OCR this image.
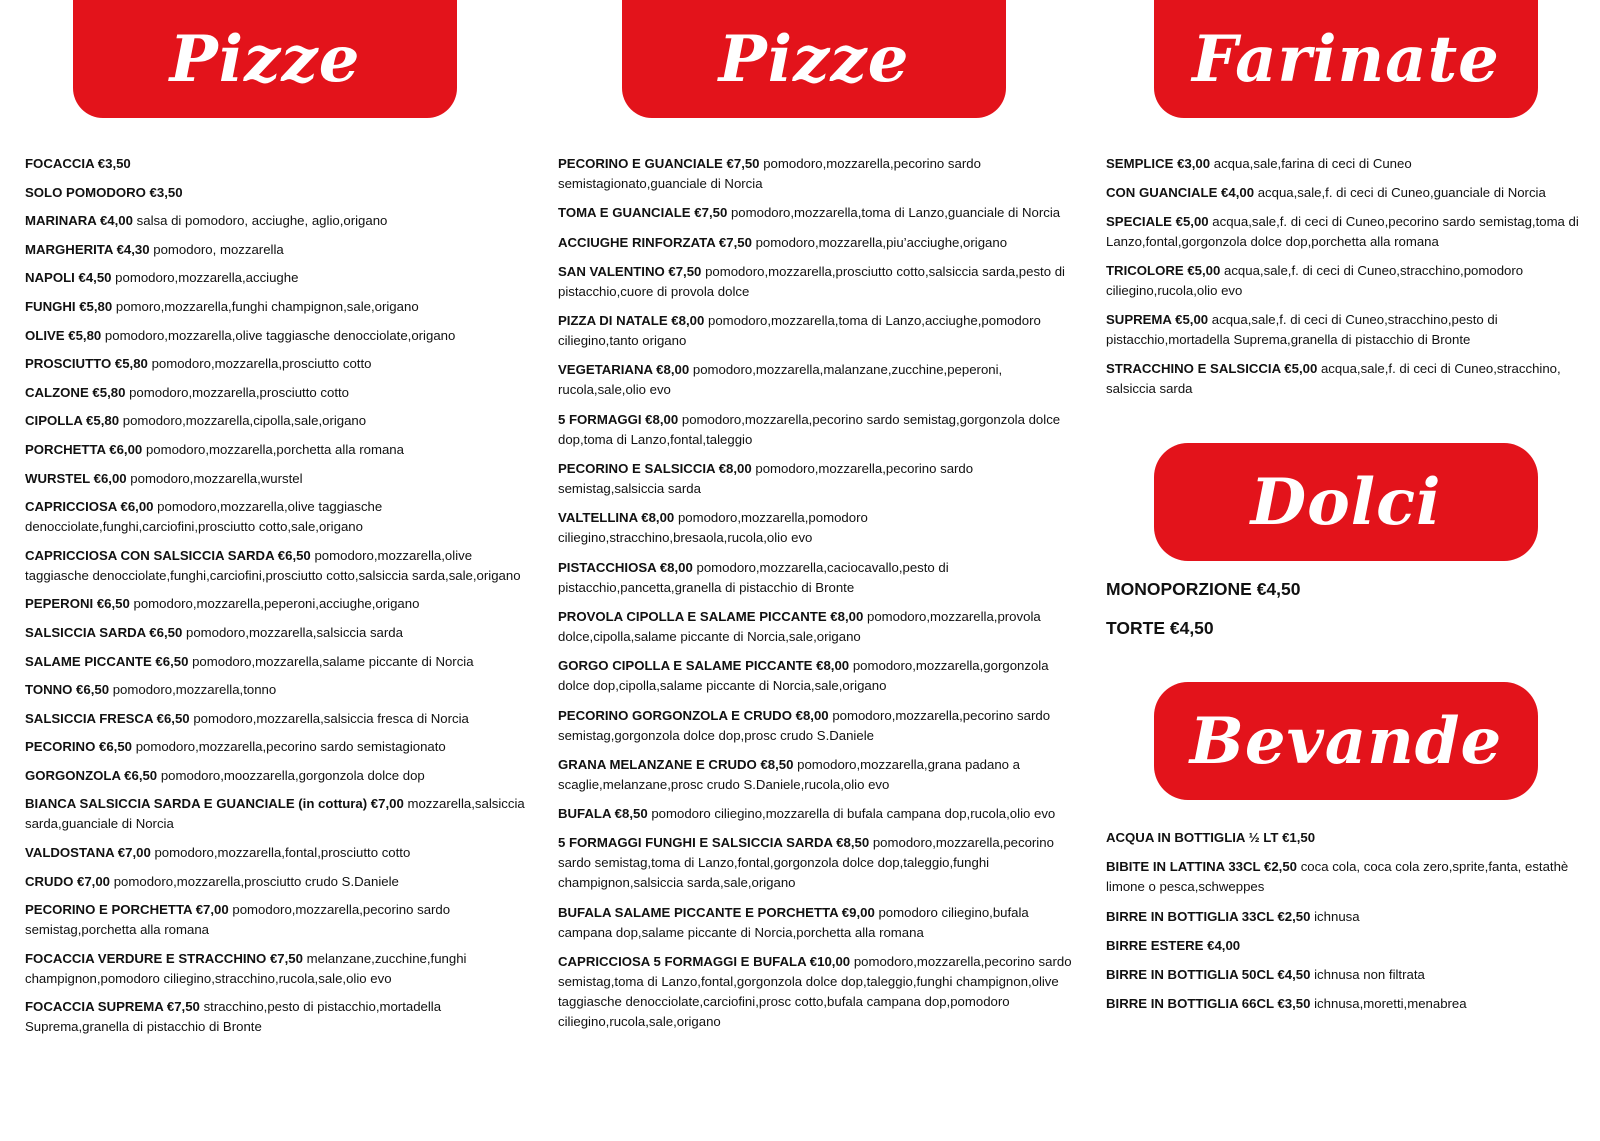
Pizze
FOCACCIA €3,50
SOLO POMODORO €3,50
MARINARA €4,00 salsa di pomodoro, acciughe, aglio,origano
MARGHERITA €4,30 pomodoro, mozzarella
NAPOLI €4,50 pomodoro,mozzarella,acciughe
FUNGHI €5,80 pomoro,mozzarella,funghi champignon,sale,origano
OLIVE €5,80 pomodoro,mozzarella,olive taggiasche denocciolate,origano
PROSCIUTTO €5,80 pomodoro,mozzarella,prosciutto cotto
CALZONE €5,80 pomodoro,mozzarella,prosciutto cotto
CIPOLLA €5,80 pomodoro,mozzarella,cipolla,sale,origano
PORCHETTA €6,00 pomodoro,mozzarella,porchetta alla romana
WURSTEL €6,00 pomodoro,mozzarella,wurstel
CAPRICCIOSA €6,00 pomodoro,mozzarella,olive taggiasche denocciolate,funghi,carciofini,prosciutto cotto,sale,origano
CAPRICCIOSA CON SALSICCIA SARDA €6,50 pomodoro,mozzarella,olive taggiasche denocciolate,funghi,carciofini,prosciutto cotto,salsiccia sarda,sale,origano
PEPERONI €6,50 pomodoro,mozzarella,peperoni,acciughe,origano
SALSICCIA SARDA €6,50 pomodoro,mozzarella,salsiccia sarda
SALAME PICCANTE €6,50 pomodoro,mozzarella,salame piccante di Norcia
TONNO €6,50 pomodoro,mozzarella,tonno
SALSICCIA FRESCA €6,50 pomodoro,mozzarella,salsiccia fresca di Norcia
PECORINO €6,50 pomodoro,mozzarella,pecorino sardo semistagionato
GORGONZOLA €6,50 pomodoro,moozzarella,gorgonzola dolce dop
BIANCA SALSICCIA SARDA E GUANCIALE (in cottura) €7,00 mozzarella,salsiccia sarda,guanciale di Norcia
VALDOSTANA €7,00 pomodoro,mozzarella,fontal,prosciutto cotto
CRUDO €7,00 pomodoro,mozzarella,prosciutto crudo S.Daniele
PECORINO E PORCHETTA €7,00 pomodoro,mozzarella,pecorino sardo semistag,porchetta alla romana
FOCACCIA VERDURE E STRACCHINO €7,50 melanzane,zucchine,funghi champignon,pomodoro ciliegino,stracchino,rucola,sale,olio evo
FOCACCIA SUPREMA €7,50 stracchino,pesto di pistacchio,mortadella Suprema,granella di pistacchio di Bronte
Pizze
PECORINO E GUANCIALE €7,50 pomodoro,mozzarella,pecorino sardo semistagionato,guanciale di Norcia
TOMA E GUANCIALE €7,50 pomodoro,mozzarella,toma di Lanzo,guanciale di Norcia
ACCIUGHE RINFORZATA €7,50 pomodoro,mozzarella,piu’acciughe,origano
SAN VALENTINO €7,50 pomodoro,mozzarella,prosciutto cotto,salsiccia sarda,pesto di pistacchio,cuore di provola dolce
PIZZA DI NATALE €8,00 pomodoro,mozzarella,toma di Lanzo,acciughe,pomodoro ciliegino,tanto origano
VEGETARIANA €8,00 pomodoro,mozzarella,malanzane,zucchine,peperoni, rucola,sale,olio evo
5 FORMAGGI €8,00 pomodoro,mozzarella,pecorino sardo semistag,gorgonzola dolce dop,toma di Lanzo,fontal,taleggio
PECORINO E SALSICCIA €8,00 pomodoro,mozzarella,pecorino sardo semistag,salsiccia sarda
VALTELLINA €8,00 pomodoro,mozzarella,pomodoro ciliegino,stracchino,bresaola,rucola,olio evo
PISTACCHIOSA €8,00 pomodoro,mozzarella,caciocavallo,pesto di pistacchio,pancetta,granella di pistacchio di Bronte
PROVOLA CIPOLLA E SALAME PICCANTE €8,00 pomodoro,mozzarella,provola dolce,cipolla,salame piccante di Norcia,sale,origano
GORGO CIPOLLA E SALAME PICCANTE €8,00 pomodoro,mozzarella,gorgonzola dolce dop,cipolla,salame piccante di Norcia,sale,origano
PECORINO GORGONZOLA E CRUDO €8,00 pomodoro,mozzarella,pecorino sardo semistag,gorgonzola dolce dop,prosc crudo S.Daniele
GRANA MELANZANE E CRUDO €8,50 pomodoro,mozzarella,grana padano a scaglie,melanzane,prosc crudo S.Daniele,rucola,olio evo
BUFALA €8,50 pomodoro ciliegino,mozzarella di bufala campana dop,rucola,olio evo
5 FORMAGGI FUNGHI E SALSICCIA SARDA €8,50 pomodoro,mozzarella,pecorino sardo semistag,toma di Lanzo,fontal,gorgonzola dolce dop,taleggio,funghi champignon,salsiccia sarda,sale,origano
BUFALA SALAME PICCANTE E PORCHETTA €9,00 pomodoro ciliegino,bufala campana dop,salame piccante di Norcia,porchetta alla romana
CAPRICCIOSA 5 FORMAGGI E BUFALA €10,00 pomodoro,mozzarella,pecorino sardo semistag,toma di Lanzo,fontal,gorgonzola dolce dop,taleggio,funghi champignon,olive taggiasche denocciolate,carciofini,prosc cotto,bufala campana dop,pomodoro ciliegino,rucola,sale,origano
Farinate
SEMPLICE €3,00 acqua,sale,farina di ceci di Cuneo
CON GUANCIALE €4,00 acqua,sale,f. di ceci di Cuneo,guanciale di Norcia
SPECIALE €5,00 acqua,sale,f. di ceci di Cuneo,pecorino sardo semistag,toma di Lanzo,fontal,gorgonzola dolce dop,porchetta alla romana
TRICOLORE €5,00 acqua,sale,f. di ceci di Cuneo,stracchino,pomodoro ciliegino,rucola,olio evo
SUPREMA €5,00 acqua,sale,f. di ceci di Cuneo,stracchino,pesto di pistacchio,mortadella Suprema,granella di pistacchio di Bronte
STRACCHINO E SALSICCIA €5,00 acqua,sale,f. di ceci di Cuneo,stracchino, salsiccia sarda
Dolci
MONOPORZIONE €4,50
TORTE €4,50
Bevande
ACQUA IN BOTTIGLIA ½ LT €1,50
BIBITE IN LATTINA 33CL €2,50 coca cola, coca cola zero,sprite,fanta, estathè limone o pesca,schweppes
BIRRE IN BOTTIGLIA 33CL €2,50 ichnusa
BIRRE ESTERE €4,00
BIRRE IN BOTTIGLIA 50CL €4,50 ichnusa non filtrata
BIRRE IN BOTTIGLIA 66CL €3,50 ichnusa,moretti,menabrea
